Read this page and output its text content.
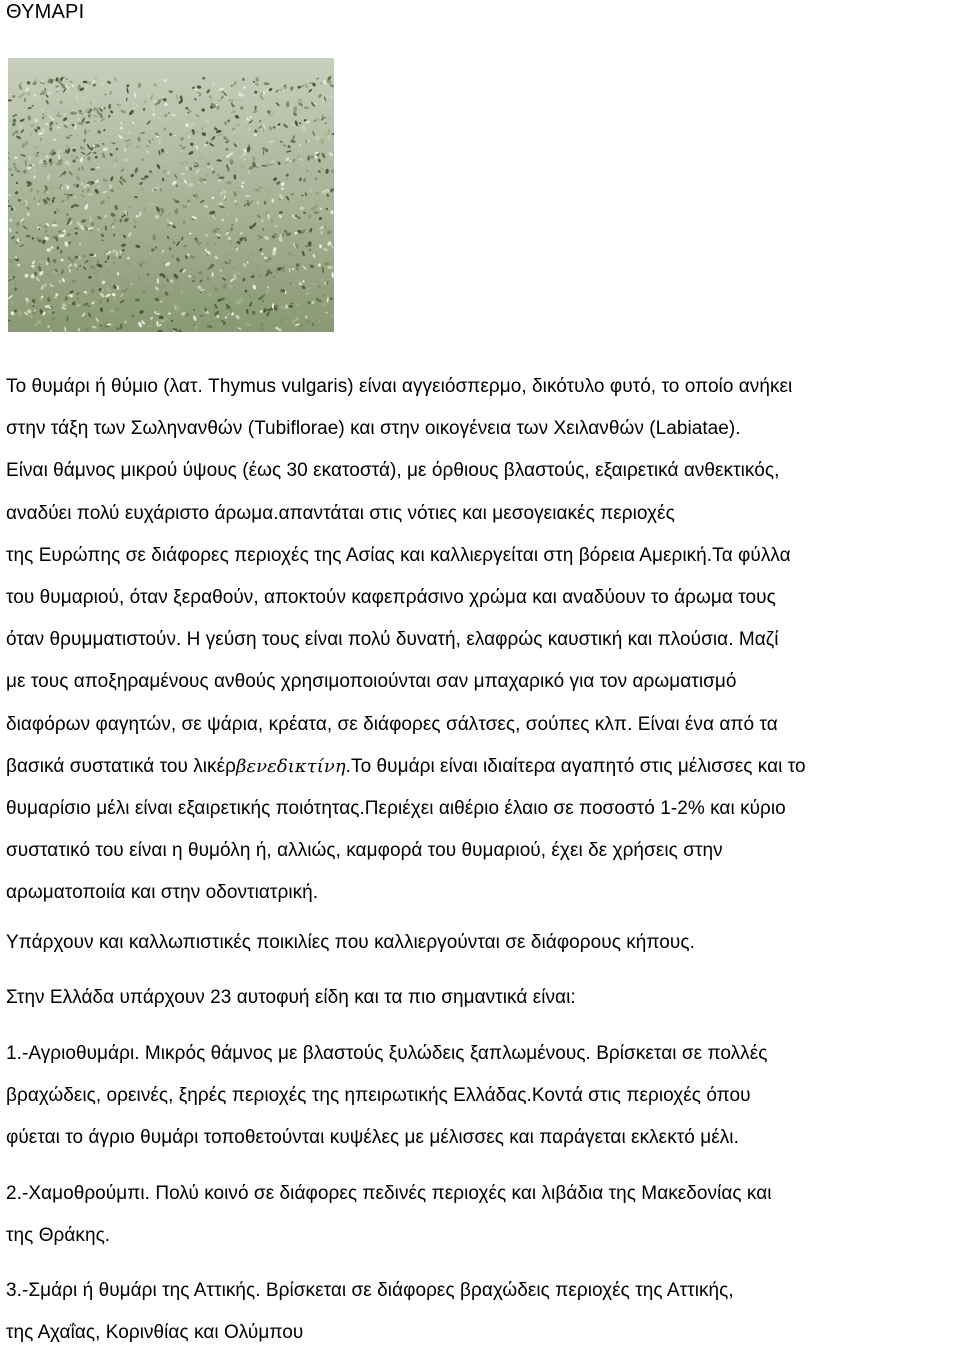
ΘΥΜΑΡΙ
Το θυμάρι ή θύμιο (λατ. Thymus vulgaris) είναι αγγειόσπερμο, δικότυλο φυτό, το οποίο ανήκει
στην τάξη των Σωληνανθών (Tubiflorae) και στην οικογένεια των Χειλανθών (Labiatae).
Είναι θάμνος μικρού ύψους (έως 30 εκατοστά), με όρθιους βλαστούς, εξαιρετικά ανθεκτικός,
αναδύει πολύ ευχάριστο άρωμα.απαντάται στις νότιες και μεσογειακές περιοχές
της Ευρώπης σε διάφορες περιοχές της Ασίας και καλλιεργείται στη βόρεια Αμερική.Τα φύλλα
του θυμαριού, όταν ξεραθούν, αποκτούν καφεπράσινο χρώμα και αναδύουν το άρωμα τους
όταν θρυμματιστούν. Η γεύση τους είναι πολύ δυνατή, ελαφρώς καυστική και πλούσια. Μαζί
με τους αποξηραμένους ανθούς χρησιμοποιούνται σαν μπαχαρικό για τον αρωματισμό
διαφόρων φαγητών, σε ψάρια, κρέατα, σε διάφορες σάλτσες, σούπες κλπ. Είναι ένα από τα
βασικά συστατικά του λικέρβενεδικτίνη.Το θυμάρι είναι ιδιαίτερα αγαπητό στις μέλισσες και το
θυμαρίσιο μέλι είναι εξαιρετικής ποιότητας.Περιέχει αιθέριο έλαιο σε ποσοστό 1-2% και κύριο
συστατικό του είναι η θυμόλη ή, αλλιώς, καμφορά του θυμαριού, έχει δε χρήσεις στην
αρωματοποιία και στην οδοντιατρική.
Υπάρχουν και καλλωπιστικές ποικιλίες που καλλιεργούνται σε διάφορους κήπους.
Στην Ελλάδα υπάρχουν 23 αυτοφυή είδη και τα πιο σημαντικά είναι:
1.-Αγριοθυμάρι. Μικρός θάμνος με βλαστούς ξυλώδεις ξαπλωμένους. Βρίσκεται σε πολλές
βραχώδεις, ορεινές, ξηρές περιοχές της ηπειρωτικής Ελλάδας.Κοντά στις περιοχές όπου
φύεται το άγριο θυμάρι τοποθετούνται κυψέλες με μέλισσες και παράγεται εκλεκτό μέλι.
2.-Χαμοθρούμπι. Πολύ κοινό σε διάφορες πεδινές περιοχές και λιβάδια της Μακεδονίας και
της Θράκης.
3.-Σμάρι ή θυμάρι της Αττικής. Βρίσκεται σε διάφορες βραχώδεις περιοχές της Αττικής,
της Αχαΐας, Κορινθίας και Ολύμπου
